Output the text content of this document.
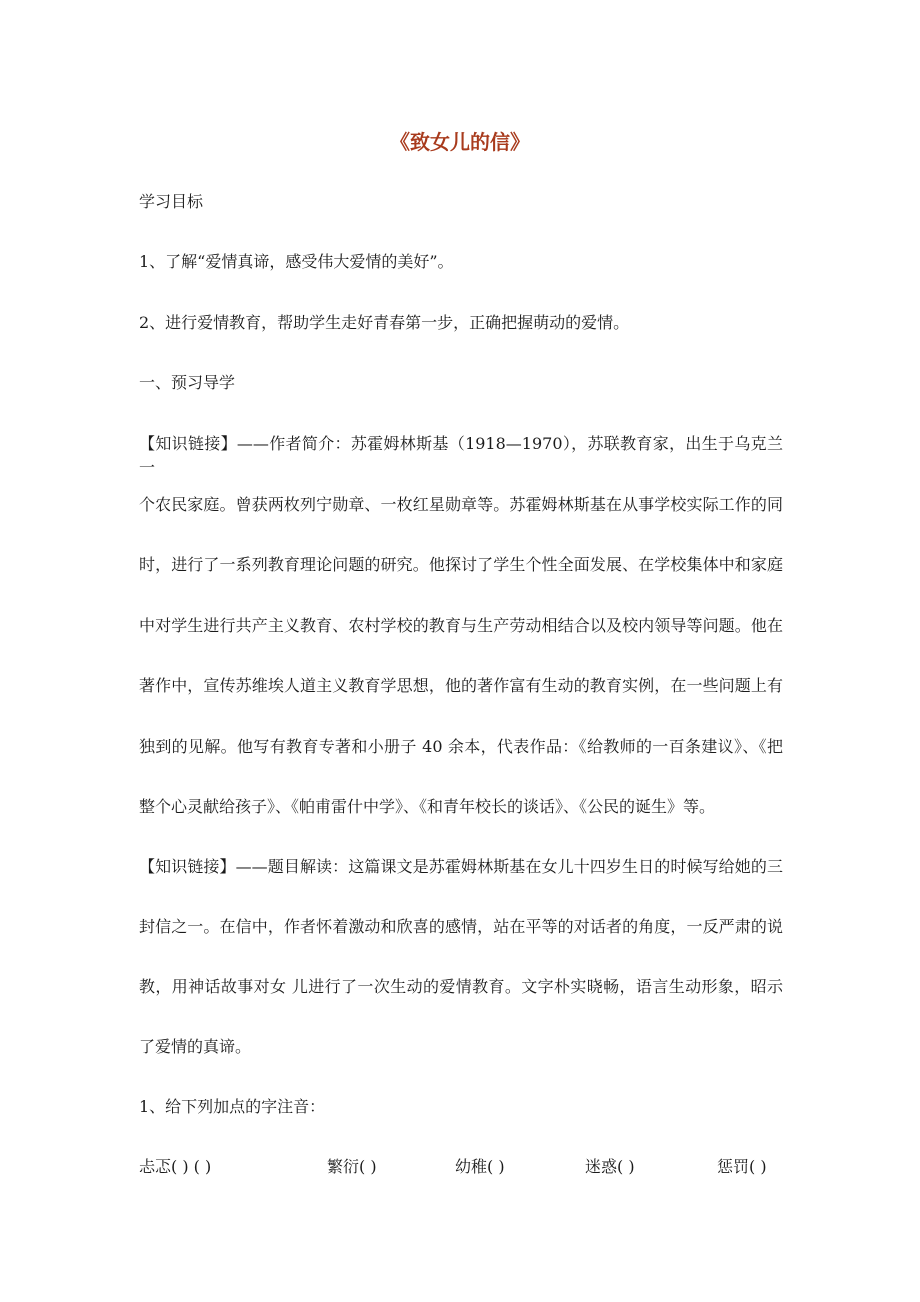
《致女儿的信》
学习目标
1、了解“爱情真谛，感受伟大爱情的美好”。
2、进行爱情教育，帮助学生走好青春第一步，正确把握萌动的爱情。
一、预习导学
【知识链接】——作者简介：苏霍姆林斯基（1918—1970），苏联教育家，出生于乌克兰一
个农民家庭。曾获两枚列宁勋章、一枚红星勋章等。苏霍姆林斯基在从事学校实际工作的同
时，进行了一系列教育理论问题的研究。他探讨了学生个性全面发展、在学校集体中和家庭
中对学生进行共产主义教育、农村学校的教育与生产劳动相结合以及校内领导等问题。他在
著作中，宣传苏维埃人道主义教育学思想，他的著作富有生动的教育实例，在一些问题上有
独到的见解。他写有教育专著和小册子 40 余本，代表作品：《给教师的一百条建议》、《把
整个心灵献给孩子》、《帕甫雷什中学》、《和青年校长的谈话》、《公民的诞生》等。
【知识链接】——题目解读：这篇课文是苏霍姆林斯基在女儿十四岁生日的时候写给她的三
封信之一。在信中，作者怀着激动和欣喜的感情，站在平等的对话者的角度，一反严肃的说
教，用神话故事对女 儿进行了一次生动的爱情教育。文字朴实晓畅，语言生动形象，昭示
了爱情的真谛。
1、给下列加点的字注音：
忐忑( ) ( )	繁衍( )	幼稚( )	迷惑( )	惩罚( )
